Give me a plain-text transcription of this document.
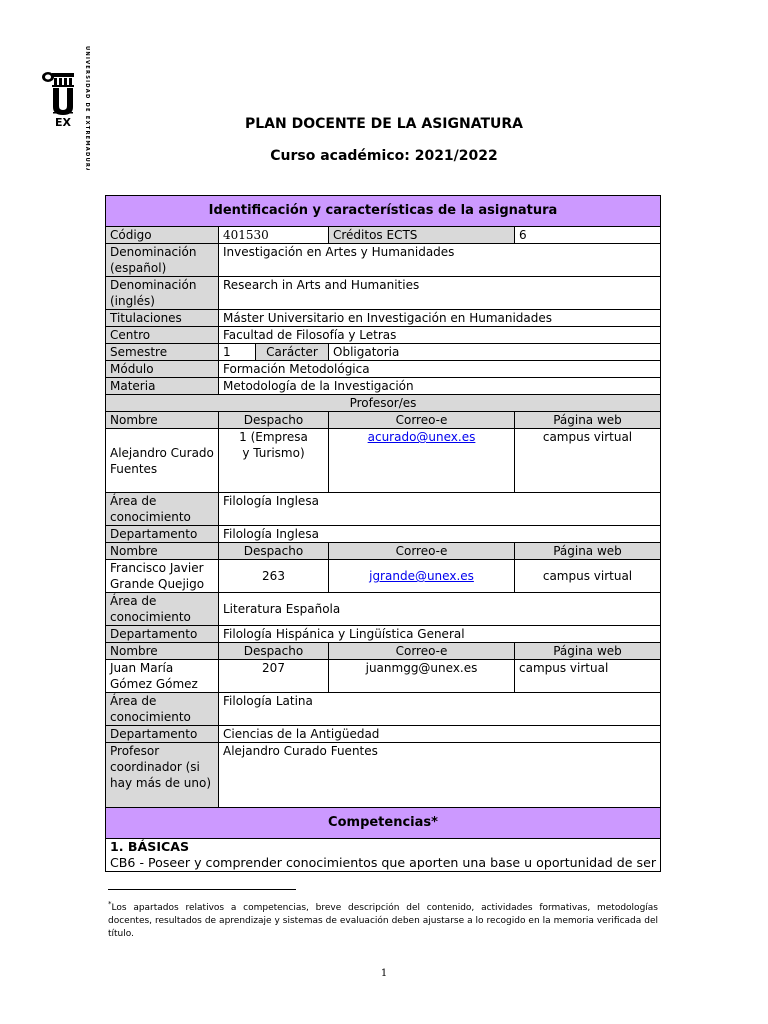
EX	UNIVERSIDAD DE EXTREMADURA	PLAN DOCENTE DE LA ASIGNATURA
Curso académico: 2021/2022
Identificación y características de la asignatura				
Código	401530		Créditos ECTS	6
Denominación (español)	Investigación en Artes y Humanidades			
Denominación (inglés)	Research in Arts and Humanities			
Titulaciones	Máster Universitario en Investigación en Humanidades			
Centro	Facultad de Filosofía y Letras			
Semestre	1	Carácter	Obligatoria	
Módulo	Formación Metodológica			
Materia	Metodología de la Investigación			
Profesor/es				
Nombre	Despacho		Correo-e	Página web
Alejandro Curado Fuentes	1 (Empresa y Turismo)		acurado@unex.es	campus virtual
Área de conocimiento	Filología Inglesa			
Departamento	Filología Inglesa			
Nombre	Despacho		Correo-e	Página web
Francisco Javier Grande Quejigo	263		jgrande@unex.es	campus virtual
Área de conocimiento	Literatura Española			
Departamento	Filología Hispánica y Lingüística General			
Nombre	Despacho		Correo-e	Página web
Juan María Gómez Gómez	207		juanmgg@unex.es	campus virtual
Área de conocimiento	Filología Latina			
Departamento	Ciencias de la Antigüedad			
Profesor coordinador (si hay más de uno)	Alejandro Curado Fuentes			
Competencias*				

1. BÁSICAS
CB6 - Poseer y comprender conocimientos que aporten una base u oportunidad de ser				
*Los apartados relativos a competencias, breve descripción del contenido, actividades formativas, metodologías docentes, resultados de aprendizaje y sistemas de evaluación deben ajustarse a lo recogido en la memoria verificada del título.
1
